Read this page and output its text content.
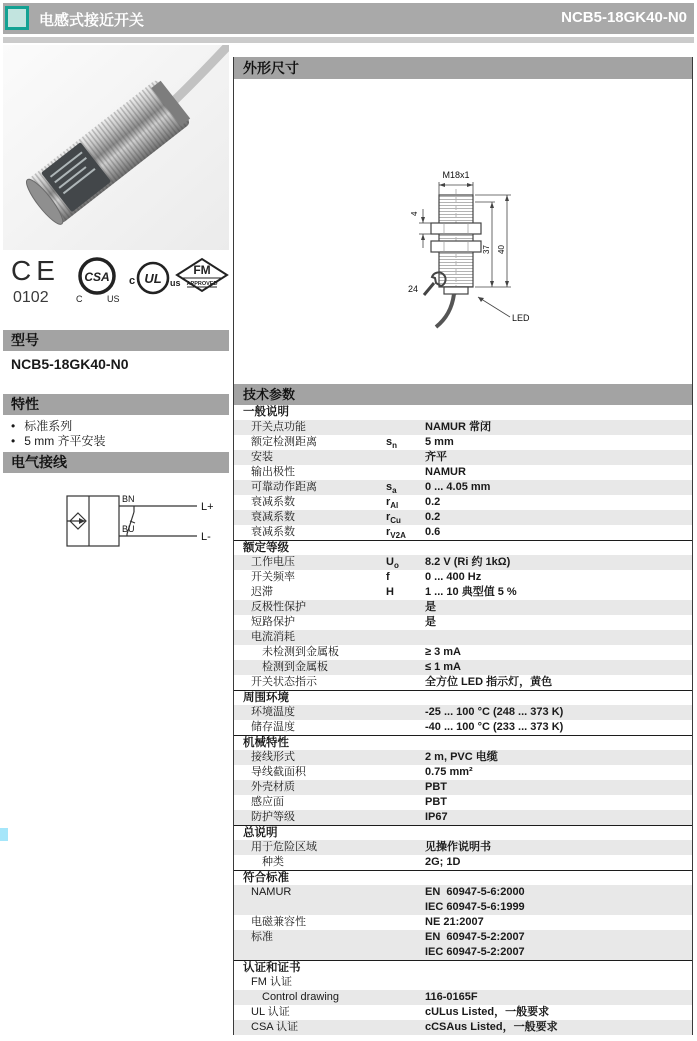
电感式接近开关	NCB5-18GK40-N0
CE
0102
CSA
C	US
c UL us
FM
APPROVED
型号
NCB5-18GK40-N0
特性
• 标准系列
• 5 mm 齐平安装
电气接线
BN
BU
L+
L-
外形尺寸
M18x1
4
37 40
24
LED
技术参数
一般说明
开关点功能	NAMUR 常闭
额定检测距离	$s_n$	5 mm
安装	齐平
输出极性	NAMUR
可靠动作距离	$s_a$	0 ... 4.05 mm
衰减系数	$r_{Al}$ 0.2
衰减系数	$r_{Cu}$ 0.2
衰减系数	$r_{V2A}$ 0.6
额定等级
工作电压	$U_o$ 8.2 V (Ri 约 1kΩ)
开关频率	f	0 ... 400 Hz
迟滞	H	1 ... 10 典型值 5 %
反极性保护	是
短路保护	是
电流消耗
未检测到金属板	≥ 3 mA
检测到金属板	≤ 1 mA
开关状态指示	全方位 LED 指示灯，黄色
周围环境
环境温度	-25 ... 100 °C (248 ... 373 K)
储存温度	-40 ... 100 °C (233 ... 373 K)
机械特性
接线形式	2 m, PVC 电缆
导线截面积	0.75 mm²
外壳材质	PBT
感应面	PBT
防护等级	IP67
总说明
用于危险区域	见操作说明书
种类	2G; 1D
符合标准
NAMUR	EN  60947-5-6:2000
IEC 60947-5-6:1999
电磁兼容性	NE 21:2007
标准	EN  60947-5-2:2007
IEC 60947-5-2:2007
认证和证书
FM 认证
Control drawing	116-0165F
UL 认证	cULus Listed，一般要求
CSA 认证	cCSAus Listed，一般要求
